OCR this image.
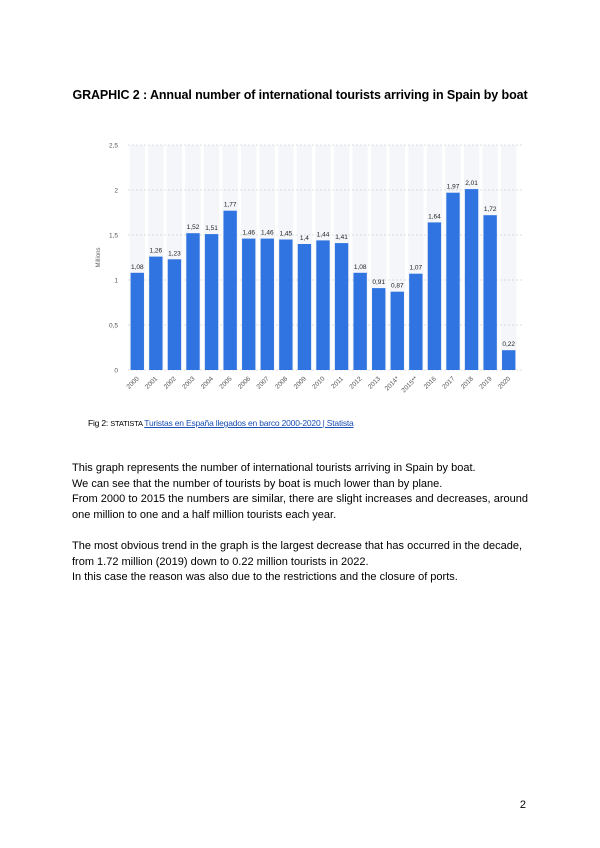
GRAPHIC 2 : Annual number of international tourists arriving in Spain by boat
0
0,5
1
1,5
2
2,5
Millions	1,08
2000
1,26
2001
1,23
2002
1,52
2003
1,51
2004
1,77
2005
1,46
2006
1,46
2007
1,45
2008
1,4
2009
1,44
2010
1,41
2011
1,08
2012
0,91
2013
0,87
2014*
1,07
2015**
1,64
2016
1,97
2017
2,01
2018
1,72
2019
0,22
2020
Fig 2: STATISTA Turistas en España llegados en barco 2000-2020 | Statista

This graph represents the number of international tourists arriving in Spain by boat.

We can see that the number of tourists by boat is much lower than by plane.

From 2000 to 2015 the numbers are similar, there are slight increases and decreases, around one million to one and a half million tourists each year.

The most obvious trend in the graph is the largest decrease that has occurred in the decade, from 1.72 million (2019) down to 0.22 million tourists in 2022.

In this case the reason was also due to the restrictions and the closure of ports.

2
